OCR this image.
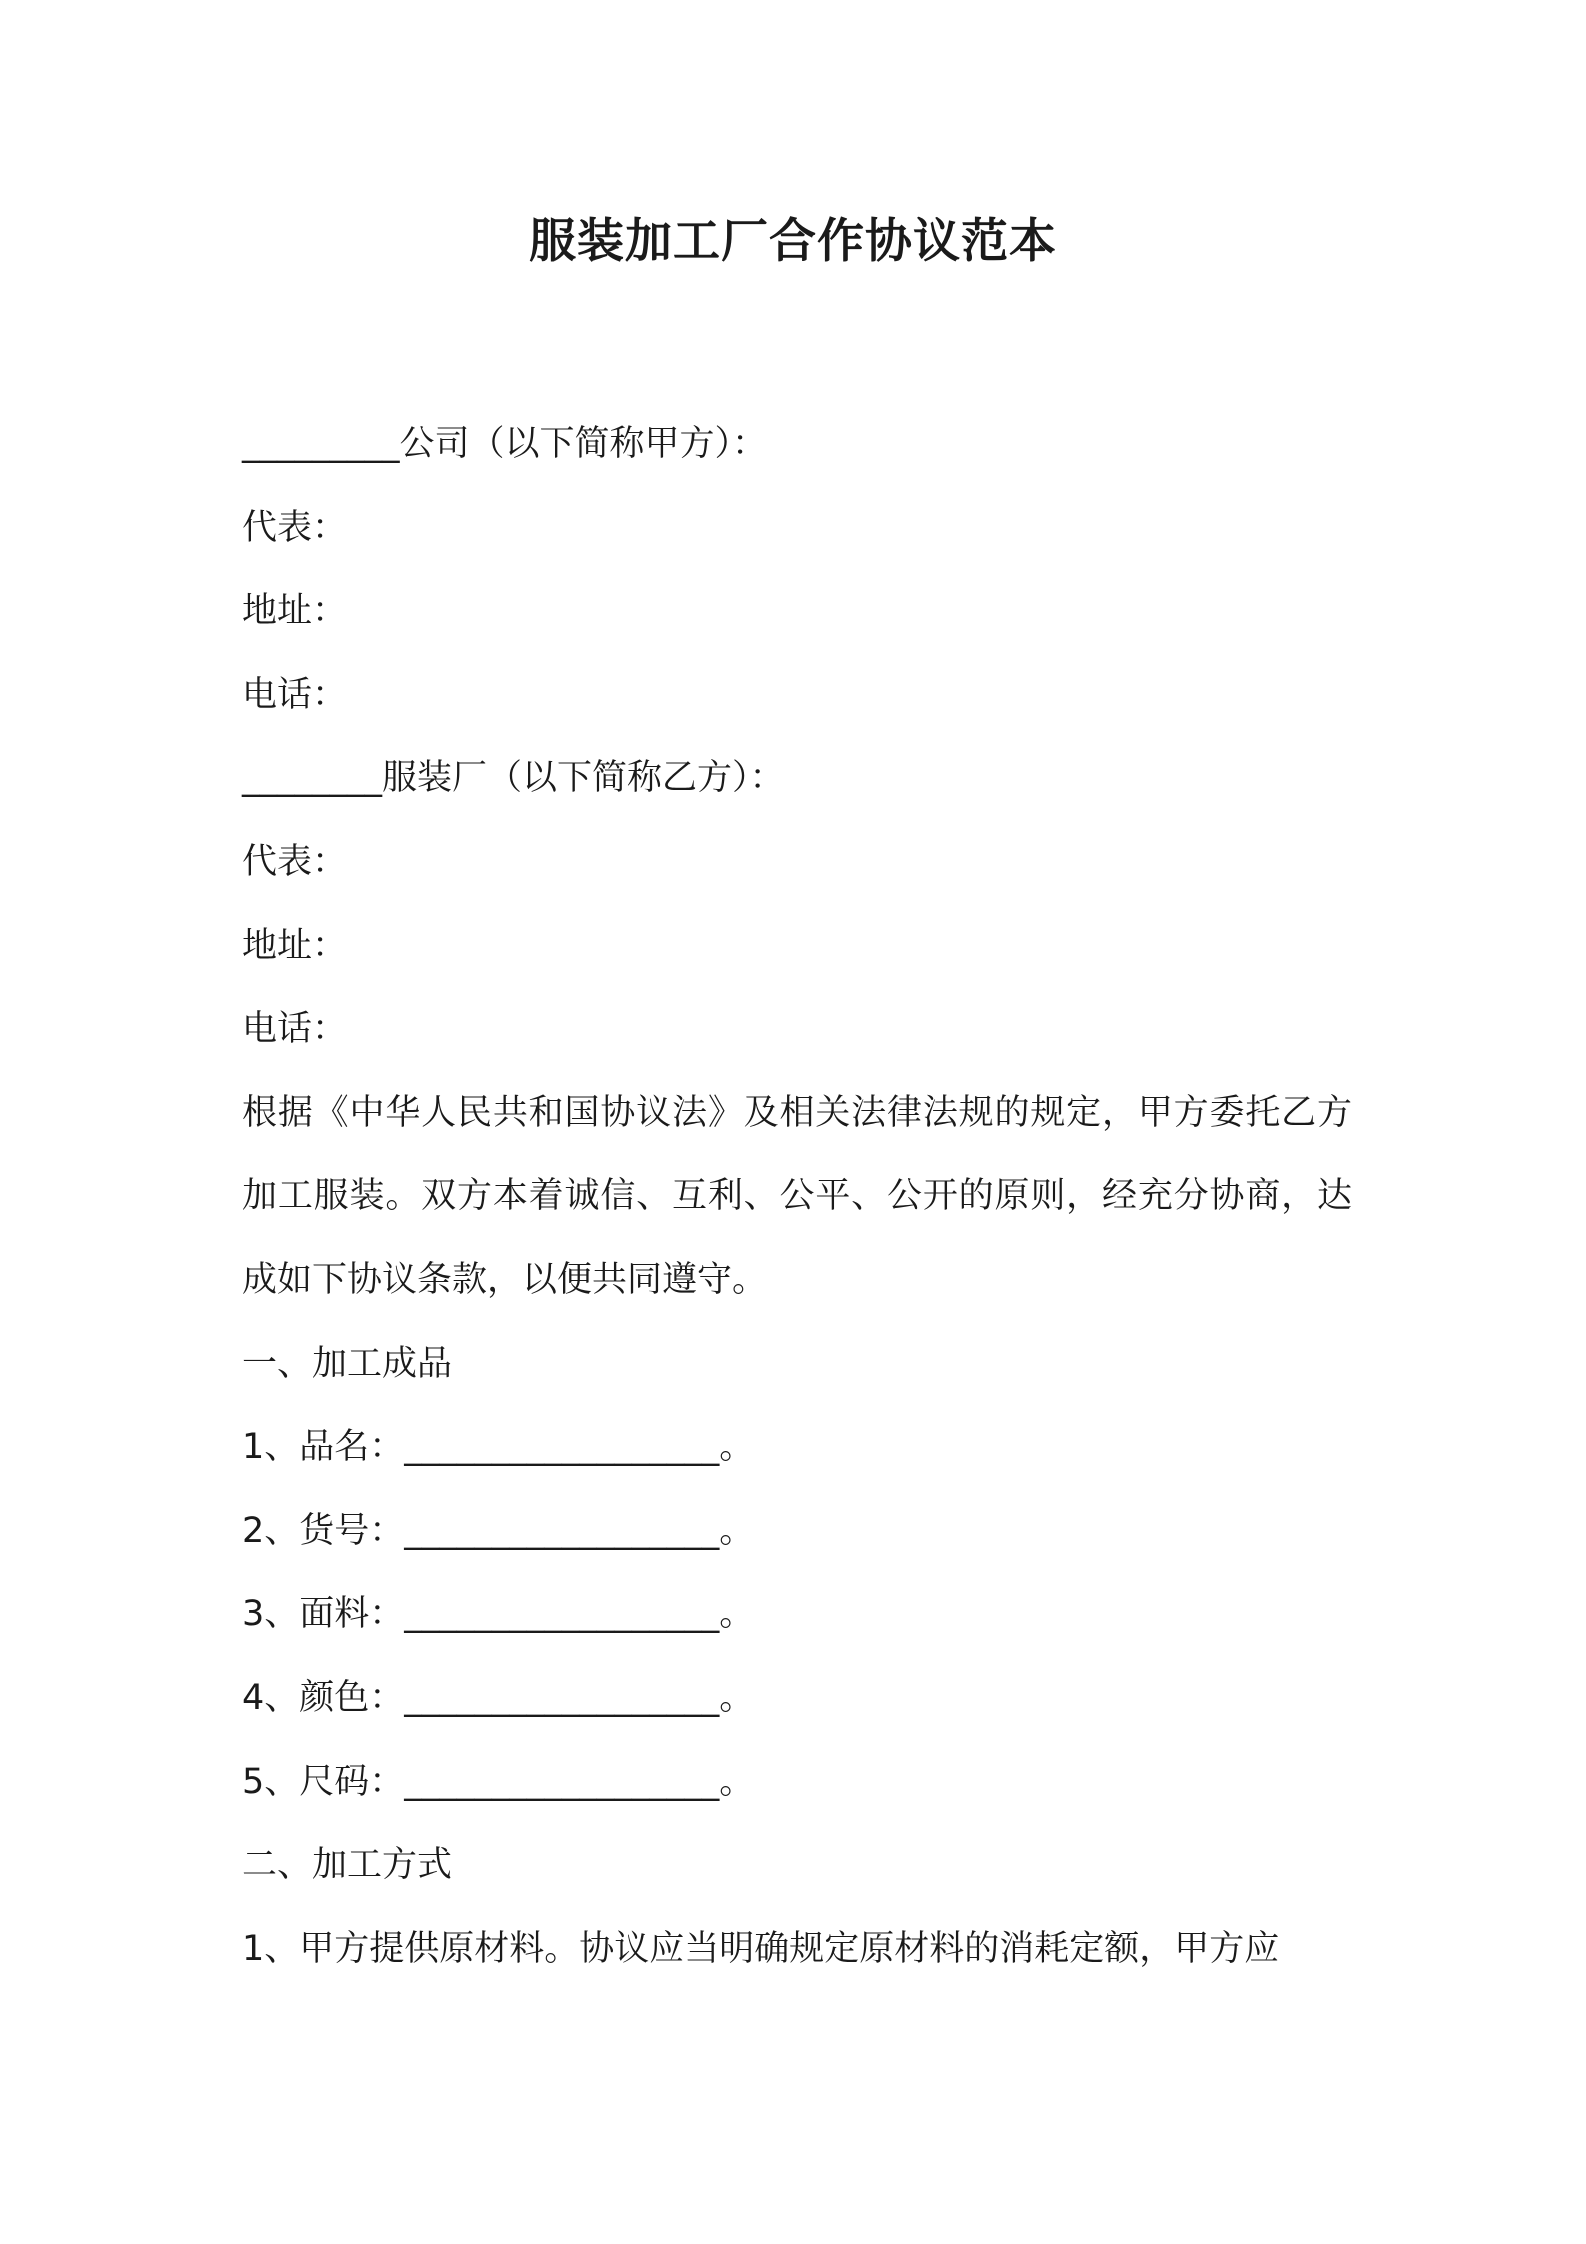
服装加工厂合作协议范本

_________公司（以下简称甲方）：

代表：

地址：

电话：

________服装厂（以下简称乙方）：

代表：

地址：

电话：

根据《中华人民共和国协议法》及相关法律法规的规定，甲方委托乙方加工服装。双方本着诚信、互利、公平、公开的原则，经充分协商，达成如下协议条款，以便共同遵守。

一、加工成品

1、品名：__________________。

2、货号：__________________。

3、面料：__________________。

4、颜色：__________________。

5、尺码：__________________。

二、加工方式

1、甲方提供原材料。协议应当明确规定原材料的消耗定额，甲方应
